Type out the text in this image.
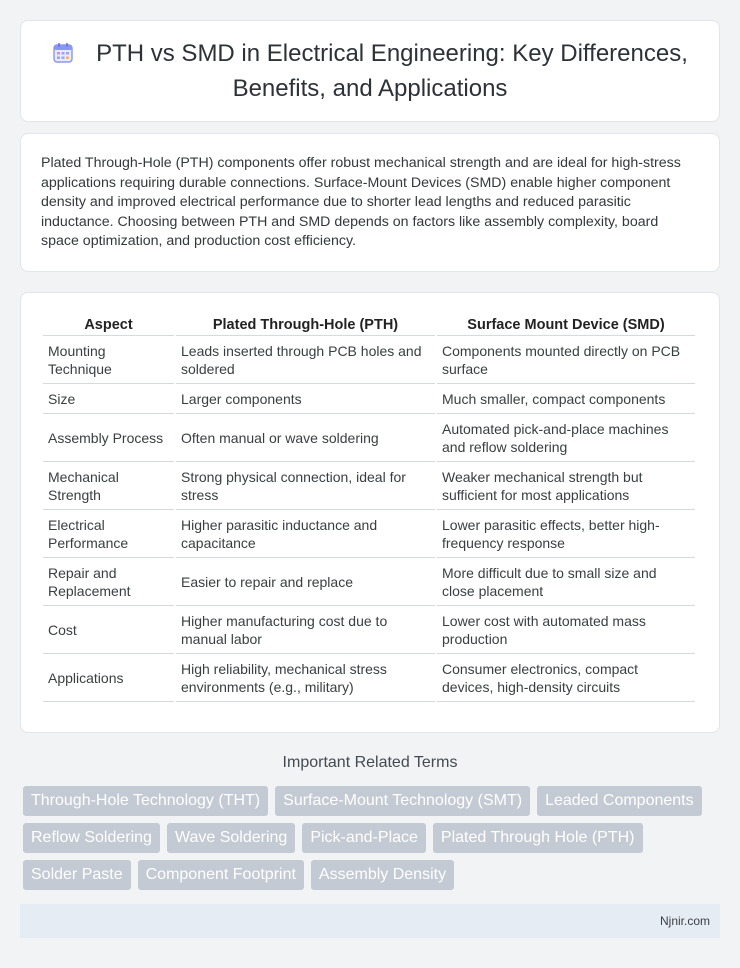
PTH vs SMD in Electrical Engineering: Key Differences, Benefits, and Applications

Plated Through-Hole (PTH) components offer robust mechanical strength and are ideal for high-stress applications requiring durable connections. Surface-Mount Devices (SMD) enable higher component density and improved electrical performance due to shorter lead lengths and reduced parasitic inductance. Choosing between PTH and SMD depends on factors like assembly complexity, board space optimization, and production cost efficiency.

Aspect	Plated Through-Hole (PTH)	Surface Mount Device (SMD)
Mounting Technique	Leads inserted through PCB holes and soldered	Components mounted directly on PCB surface
Size	Larger components	Much smaller, compact components
Assembly Process	Often manual or wave soldering	Automated pick-and-place machines and reflow soldering
Mechanical Strength	Strong physical connection, ideal for stress	Weaker mechanical strength but sufficient for most applications
Electrical Performance	Higher parasitic inductance and capacitance	Lower parasitic effects, better high-frequency response
Repair and Replacement	Easier to repair and replace	More difficult due to small size and close placement
Cost	Higher manufacturing cost due to manual labor	Lower cost with automated mass production
Applications	High reliability, mechanical stress environments (e.g., military)	Consumer electronics, compact devices, high-density circuits
Important Related Terms
Through-Hole Technology (THT)	Surface-Mount Technology (SMT)	Leaded Components
Reflow Soldering	Wave Soldering	Pick-and-Place	Plated Through Hole (PTH)
Solder Paste	Component Footprint	Assembly Density
Njnir.com
